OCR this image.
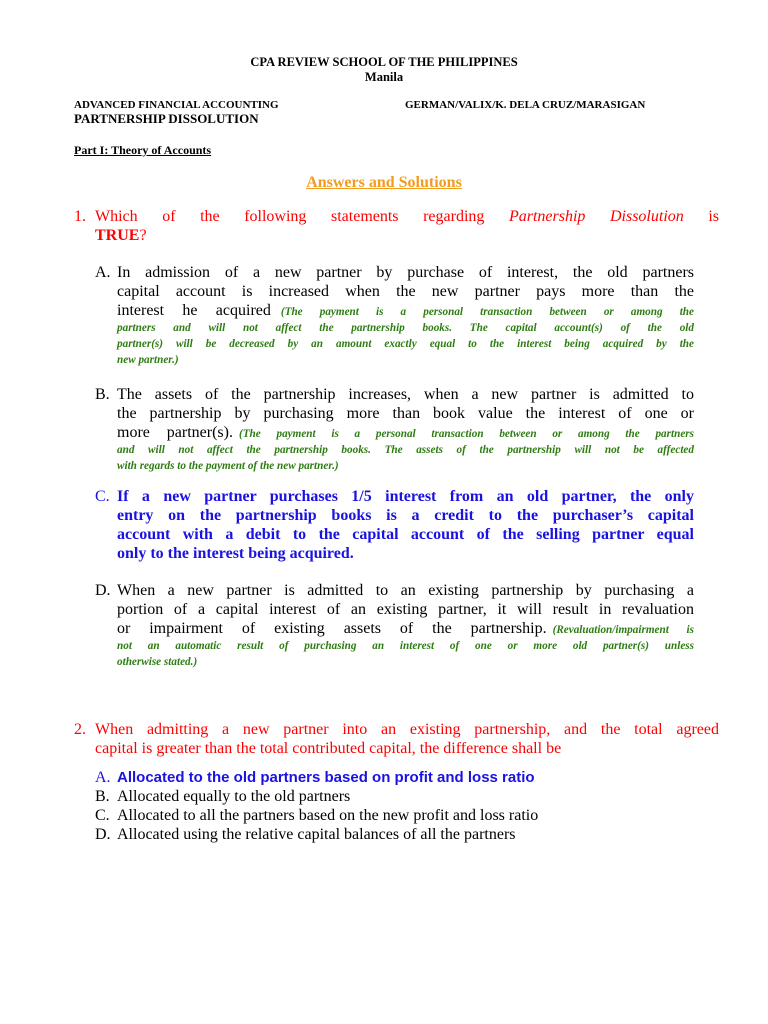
CPA REVIEW SCHOOL OF THE PHILIPPINES
Manila
ADVANCED FINANCIAL ACCOUNTING	GERMAN/VALIX/K. DELA CRUZ/MARASIGAN
PARTNERSHIP DISSOLUTION
Part I: Theory of Accounts
Answers and Solutions
1. Which of the following statements regarding Partnership Dissolution is
TRUE?
A. In admission of a new partner by purchase of interest, the old partners
capital account is increased when the new partner pays more than the
interest he acquired (The payment is a personal transaction between or among the
partners and will not affect the partnership books. The capital account(s) of the old
partner(s) will be decreased by an amount exactly equal to the interest being acquired by the
new partner.)
B. The assets of the partnership increases, when a new partner is admitted to
the partnership by purchasing more than book value the interest of one or
more partner(s). (The payment is a personal transaction between or among the partners
and will not affect the partnership books. The assets of the partnership will not be affected
with regards to the payment of the new partner.)
C. If a new partner purchases 1/5 interest from an old partner, the only
entry on the partnership books is a credit to the purchaser’s capital
account with a debit to the capital account of the selling partner equal
only to the interest being acquired.
D. When a new partner is admitted to an existing partnership by purchasing a
portion of a capital interest of an existing partner, it will result in revaluation
or impairment of existing assets of the partnership. (Revaluation/impairment is
not an automatic result of purchasing an interest of one or more old partner(s) unless
otherwise stated.)
2. When admitting a new partner into an existing partnership, and the total agreed
capital is greater than the total contributed capital, the difference shall be
A. Allocated to the old partners based on profit and loss ratio
B. Allocated equally to the old partners
C. Allocated to all the partners based on the new profit and loss ratio
D. Allocated using the relative capital balances of all the partners
